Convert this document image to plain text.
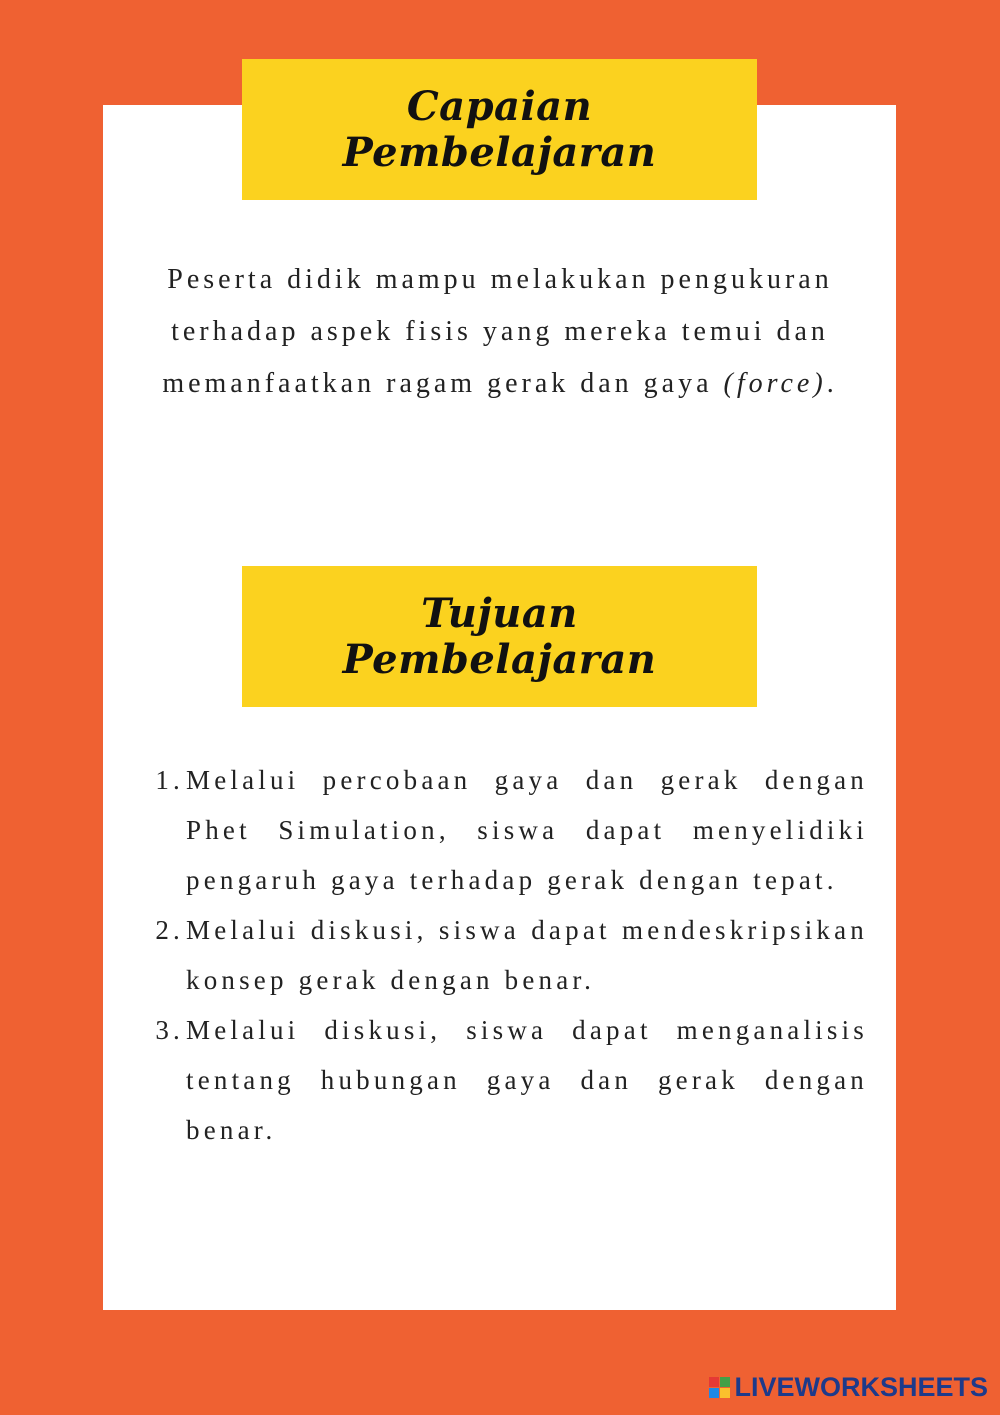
Capaian
Pembelajaran

Peserta didik mampu melakukan pengukuran terhadap aspek fisis yang mereka temui dan memanfaatkan ragam gerak dan gaya (force).

Tujuan
Pembelajaran
1. Melalui percobaan gaya dan gerak dengan Phet Simulation, siswa dapat menyelidiki pengaruh gaya terhadap gerak dengan tepat.
2. Melalui diskusi, siswa dapat mendeskripsikan konsep gerak dengan benar.
3. Melalui diskusi, siswa dapat menganalisis tentang hubungan gaya dan gerak dengan benar.
LIVEWORKSHEETS
